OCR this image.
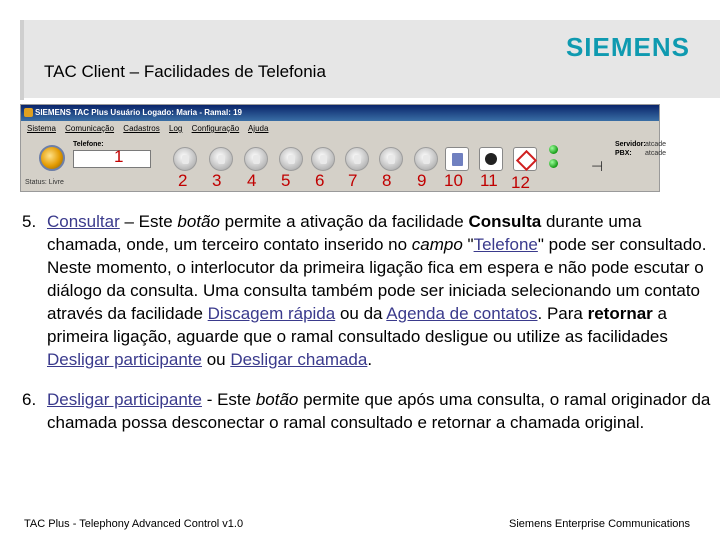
SIEMENS
TAC Client – Facilidades de Telefonia
SIEMENS TAC Plus Usuário Logado: Maria - Ramal: 19
Sistema Comunicação Cadastros Log Configuração Ajuda
Telefone:
⊣
Servidor: atcade
PBX: atcade
Status: Livre
1
2 3 4 5 6 7 8 9 10 11 12
5. Consultar – Este botão permite a ativação da facilidade Consulta durante uma chamada, onde, um terceiro contato inserido no campo "Telefone" pode ser consultado. Neste momento, o interlocutor da primeira ligação fica em espera e não pode escutar o diálogo da consulta. Uma consulta também pode ser iniciada selecionando um contato através da facilidade Discagem rápida ou da Agenda de contatos. Para retornar a primeira ligação, aguarde que o ramal consultado desligue ou utilize as facilidades Desligar participante ou Desligar chamada.
6. Desligar participante - Este botão permite que após uma consulta, o ramal originador da chamada possa desconectar o ramal consultado e retornar a chamada original.
TAC Plus - Telephony Advanced Control v1.0	Siemens Enterprise Communications
